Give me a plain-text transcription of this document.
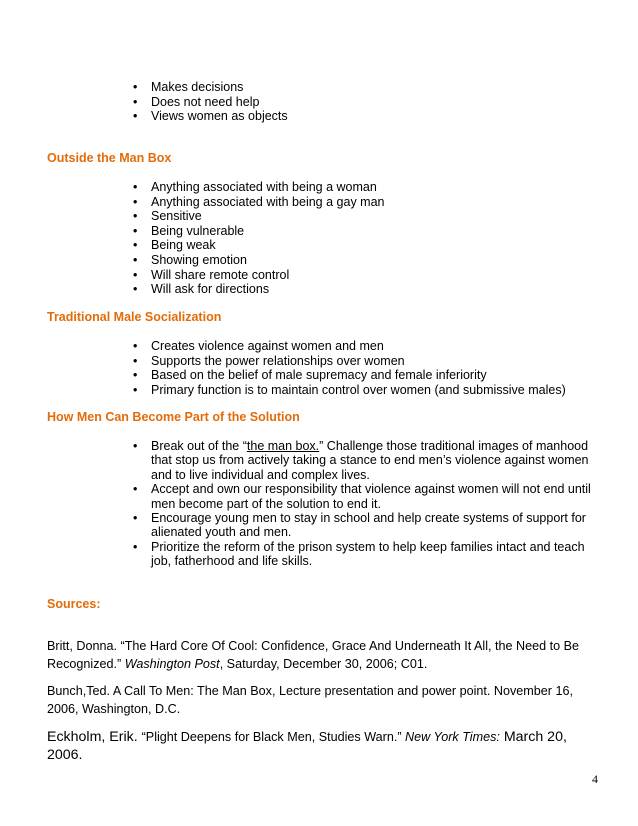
• Makes decisions
• Does not need help
• Views women as objects

Outside the Man Box

• Anything associated with being a woman
• Anything associated with being a gay man
• Sensitive
• Being vulnerable
• Being weak
• Showing emotion
• Will share remote control
• Will ask for directions

Traditional Male Socialization

• Creates violence against women and men
• Supports the power relationships over women
• Based on the belief of male supremacy and female inferiority
• Primary function is to maintain control over women (and submissive males)

How Men Can Become Part of the Solution

• Break out of the “the man box.” Challenge those traditional images of manhood that stop us from actively taking a stance to end men’s violence against women and to live individual and complex lives.
• Accept and own our responsibility that violence against women will not end until men become part of the solution to end it.
• Encourage young men to stay in school and help create systems of support for alienated youth and men.
• Prioritize the reform of the prison system to help keep families intact and teach job, fatherhood and life skills.

Sources:

Britt, Donna. “The Hard Core Of Cool: Confidence, Grace And Underneath It All, the Need to Be Recognized.” Washington Post, Saturday, December 30, 2006; C01.

Bunch,Ted. A Call To Men: The Man Box, Lecture presentation and power point. November 16, 2006, Washington, D.C.

Eckholm, Erik. “Plight Deepens for Black Men, Studies Warn.” New York Times: March 20, 2006.

4
